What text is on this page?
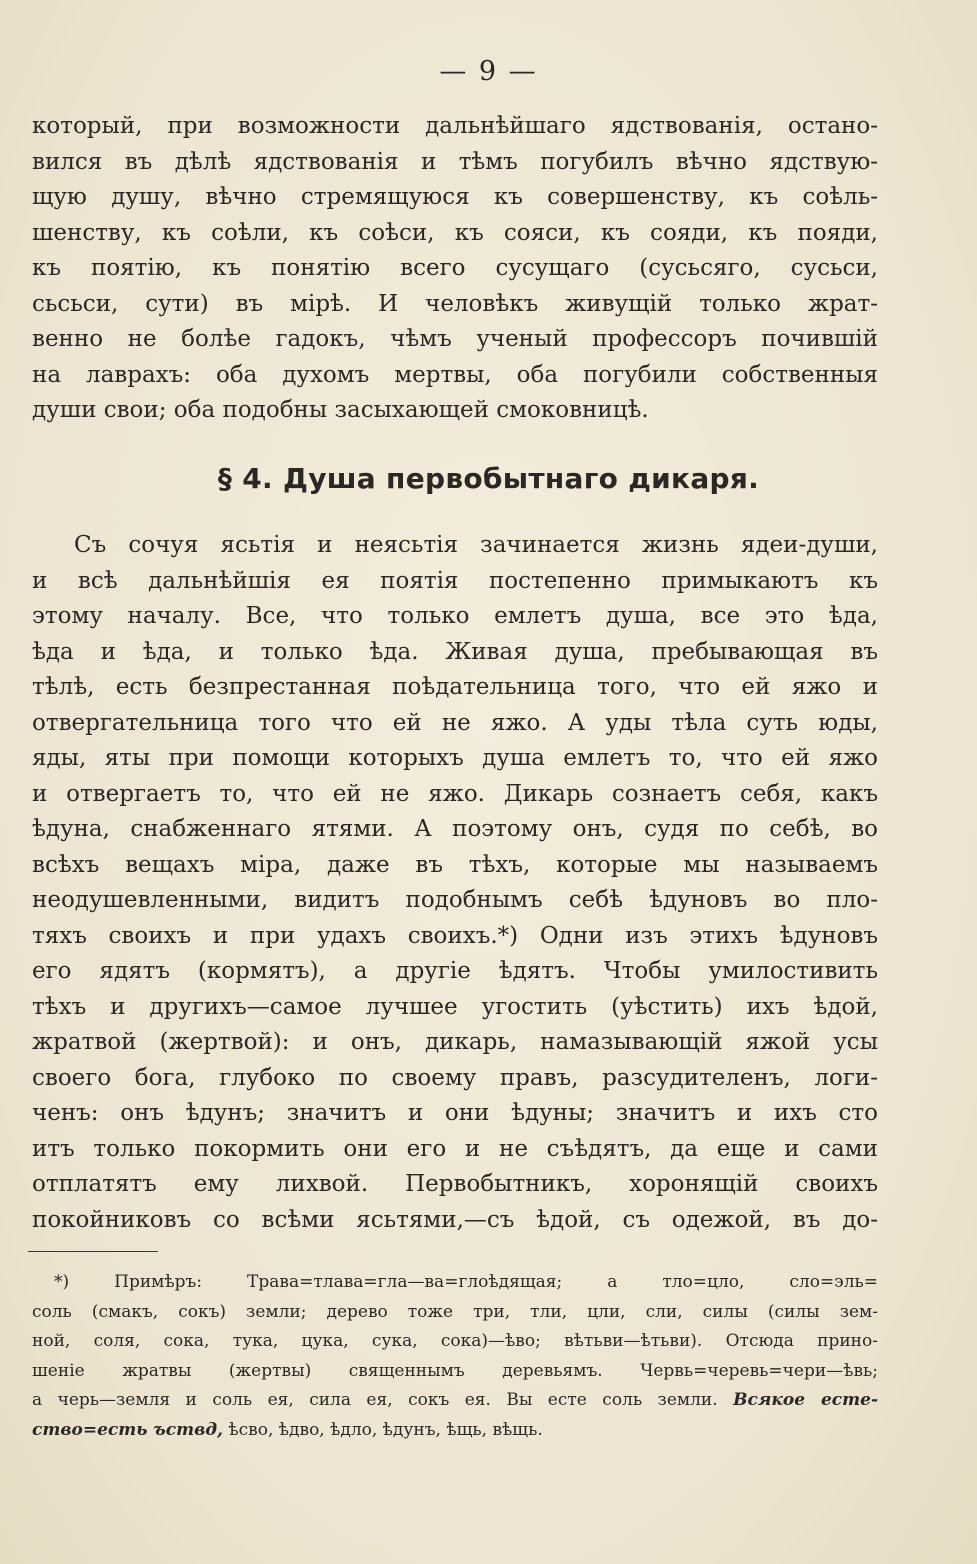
— 9 —
который, при возможности дальнѣйшаго ядствованія, остано-
вился въ дѣлѣ ядствованія и тѣмъ погубилъ вѣчно ядствую-
щую душу, вѣчно стремящуюся къ совершенству, къ соѣль-
шенству, къ соѣли, къ соѣси, къ сояси, къ сояди, къ пояди,
къ поятію, къ понятію всего сусущаго (сусьсяго, сусьси,
сьсьси, сути) въ мірѣ. И человѣкъ живущій только жрат-
венно не болѣе гадокъ, чѣмъ ученый профессоръ почившій
на лаврахъ: оба духомъ мертвы, оба погубили собственныя
души свои; оба подобны засыхающей смоковницѣ.
§ 4. Душа первобытнаго дикаря.
Съ сочуя ясьтія и неясьтія зачинается жизнь ядеи-души,
и всѣ дальнѣйшія ея поятія постепенно примыкаютъ къ
этому началу. Все, что только емлетъ душа, все это ѣда,
ѣда и ѣда, и только ѣда. Живая душа, пребывающая въ
тѣлѣ, есть безпрестанная поѣдательница того, что ей яжо и
отвергательница того что ей не яжо. А уды тѣла суть юды,
яды, яты при помощи которыхъ душа емлетъ то, что ей яжо
и отвергаетъ то, что ей не яжо. Дикарь сознаетъ себя, какъ
ѣдуна, снабженнаго ятями. А поэтому онъ, судя по себѣ, во
всѣхъ вещахъ міра, даже въ тѣхъ, которые мы называемъ
неодушевленными, видитъ подобнымъ себѣ ѣдуновъ во пло-
тяхъ своихъ и при удахъ своихъ.*) Одни изъ этихъ ѣдуновъ
его ядятъ (кормятъ), а другіе ѣдятъ. Чтобы умилостивить
тѣхъ и другихъ—самое лучшее угостить (уѣстить) ихъ ѣдой,
жратвой (жертвой): и онъ, дикарь, намазывающій яжой усы
своего бога, глубоко по своему правъ, разсудителенъ, логи-
ченъ: онъ ѣдунъ; значитъ и они ѣдуны; значитъ и ихъ сто
итъ только покормить они его и не съѣдятъ, да еще и сами
отплатятъ ему лихвой. Первобытникъ, хоронящій своихъ
покойниковъ со всѣми ясьтями,—съ ѣдой, съ одежой, въ до-
*) Примѣръ: Трава=тлава=гла—ва=глоѣдящая; а тло=цло, сло=эль=
соль (смакъ, сокъ) земли; дерево тоже три, тли, цли, сли, силы (силы зем-
ной, соля, сока, тука, цука, сука, сока)—ѣво; вѣтьви—ѣтьви). Отсюда прино-
шеніе жратвы (жертвы) священнымъ деревьямъ. Червь=черевь=чери—ѣвь;
а черь—земля и соль ея, сила ея, сокъ ея. Вы есте соль земли. Всякое есте-
ство=есть ъствд, ѣсво, ѣдво, ѣдло, ѣдунъ, ѣщь, вѣщь.
